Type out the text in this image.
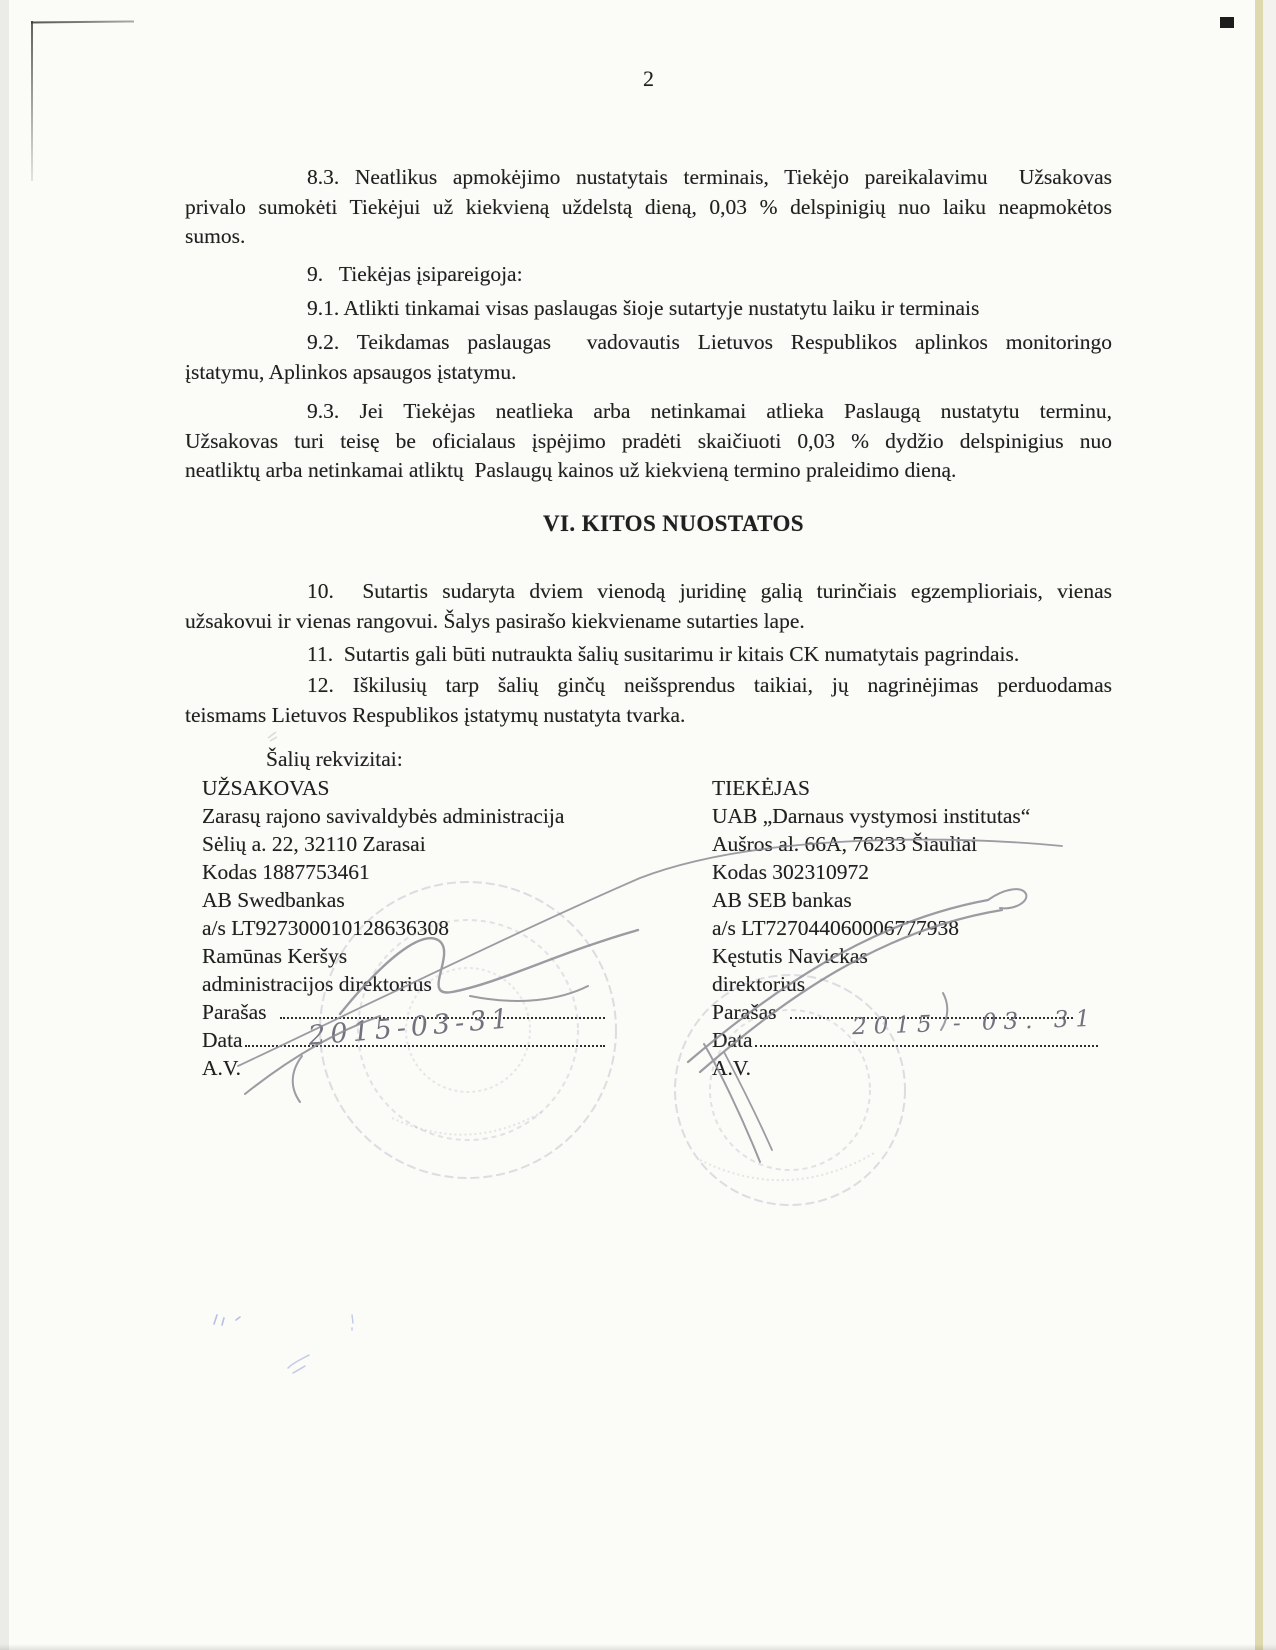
2
8.3. Neatlikus apmokėjimo nustatytais terminais, Tiekėjo pareikalavimu  Užsakovas
privalo sumokėti Tiekėjui už kiekvieną uždelstą dieną, 0,03 % delspinigių nuo laiku neapmokėtos
sumos.
9.   Tiekėjas įsipareigoja:
9.1. Atlikti tinkamai visas paslaugas šioje sutartyje nustatytu laiku ir terminais
9.2. Teikdamas paslaugas  vadovautis Lietuvos Respublikos aplinkos monitoringo
įstatymu, Aplinkos apsaugos įstatymu.
9.3. Jei Tiekėjas neatlieka arba netinkamai atlieka Paslaugą nustatytu terminu,
Užsakovas turi teisę be oficialaus įspėjimo pradėti skaičiuoti 0,03 % dydžio delspinigius nuo
neatliktų arba netinkamai atliktų  Paslaugų kainos už kiekvieną termino praleidimo dieną.
VI. KITOS NUOSTATOS
10.  Sutartis sudaryta dviem vienodą juridinę galią turinčiais egzemplioriais, vienas
užsakovui ir vienas rangovui. Šalys pasirašo kiekviename sutarties lape.
11.  Sutartis gali būti nutraukta šalių susitarimu ir kitais CK numatytais pagrindais.
12. Iškilusių tarp šalių ginčų neišsprendus taikiai, jų nagrinėjimas perduodamas
teismams Lietuvos Respublikos įstatymų nustatyta tvarka.
Šalių rekvizitai:
UŽSAKOVAS
Zarasų rajono savivaldybės administracija
Sėlių a. 22, 32110 Zarasai
Kodas 1887753461
AB Swedbankas
a/s LT927300010128636308
Ramūnas Keršys
administracijos direktorius
Parašas
Data
A.V.
TIEKĖJAS
UAB „Darnaus vystymosi institutas“
Aušros al. 66A, 76233 Šiauliai
Kodas 302310972
AB SEB bankas
a/s LT727044060006777938
Kęstutis Navickas
direktorius
Parašas
Data
A.V.
2015-03-31	2015 - 03. 31
